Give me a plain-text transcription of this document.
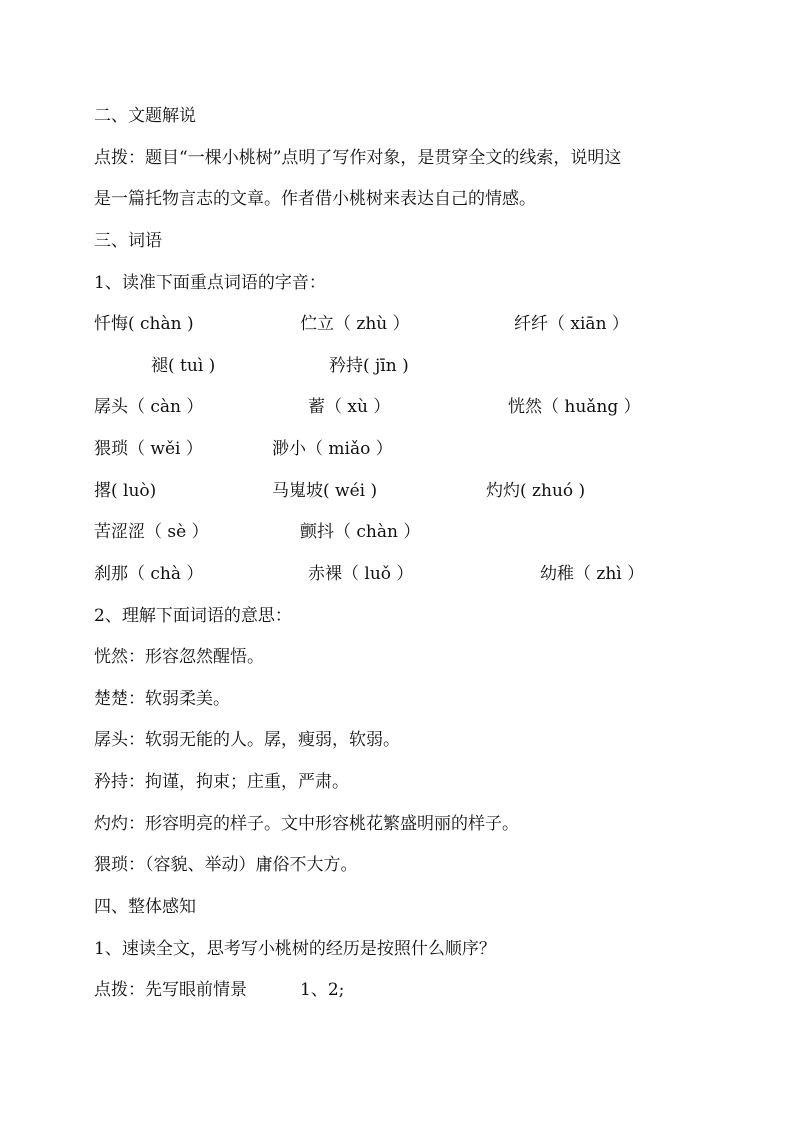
二、文题解说
点拨：题目“一棵小桃树”点明了写作对象，是贯穿全文的线索，说明这
是一篇托物言志的文章。作者借小桃树来表达自己的情感。
三、词语
1、读准下面重点词语的字音：
忏悔( chàn )	伫立（ zhù ）	纤纤（ xiān ）
褪( tuì )	矜持( jīn )
孱头（ càn ）	蓄（ xù ）	恍然（ huǎng ）
猥琐（ wěi ）	渺小（ miǎo ）
撂( luò)	马嵬坡( wéi )	灼灼( zhuó )
苦涩涩（ sè ）	颤抖（ chàn ）
刹那（ chà ）	赤裸（ luǒ ）	幼稚（ zhì ）
2、理解下面词语的意思：
恍然：形容忽然醒悟。
楚楚：软弱柔美。
孱头：软弱无能的人。孱，瘦弱，软弱。
矜持：拘谨，拘束；庄重，严肃。
灼灼：形容明亮的样子。文中形容桃花繁盛明丽的样子。
猥琐：（容貌、举动）庸俗不大方。
四、整体感知
1、速读全文，思考写小桃树的经历是按照什么顺序？
点拨：先写眼前情景	1、2;
